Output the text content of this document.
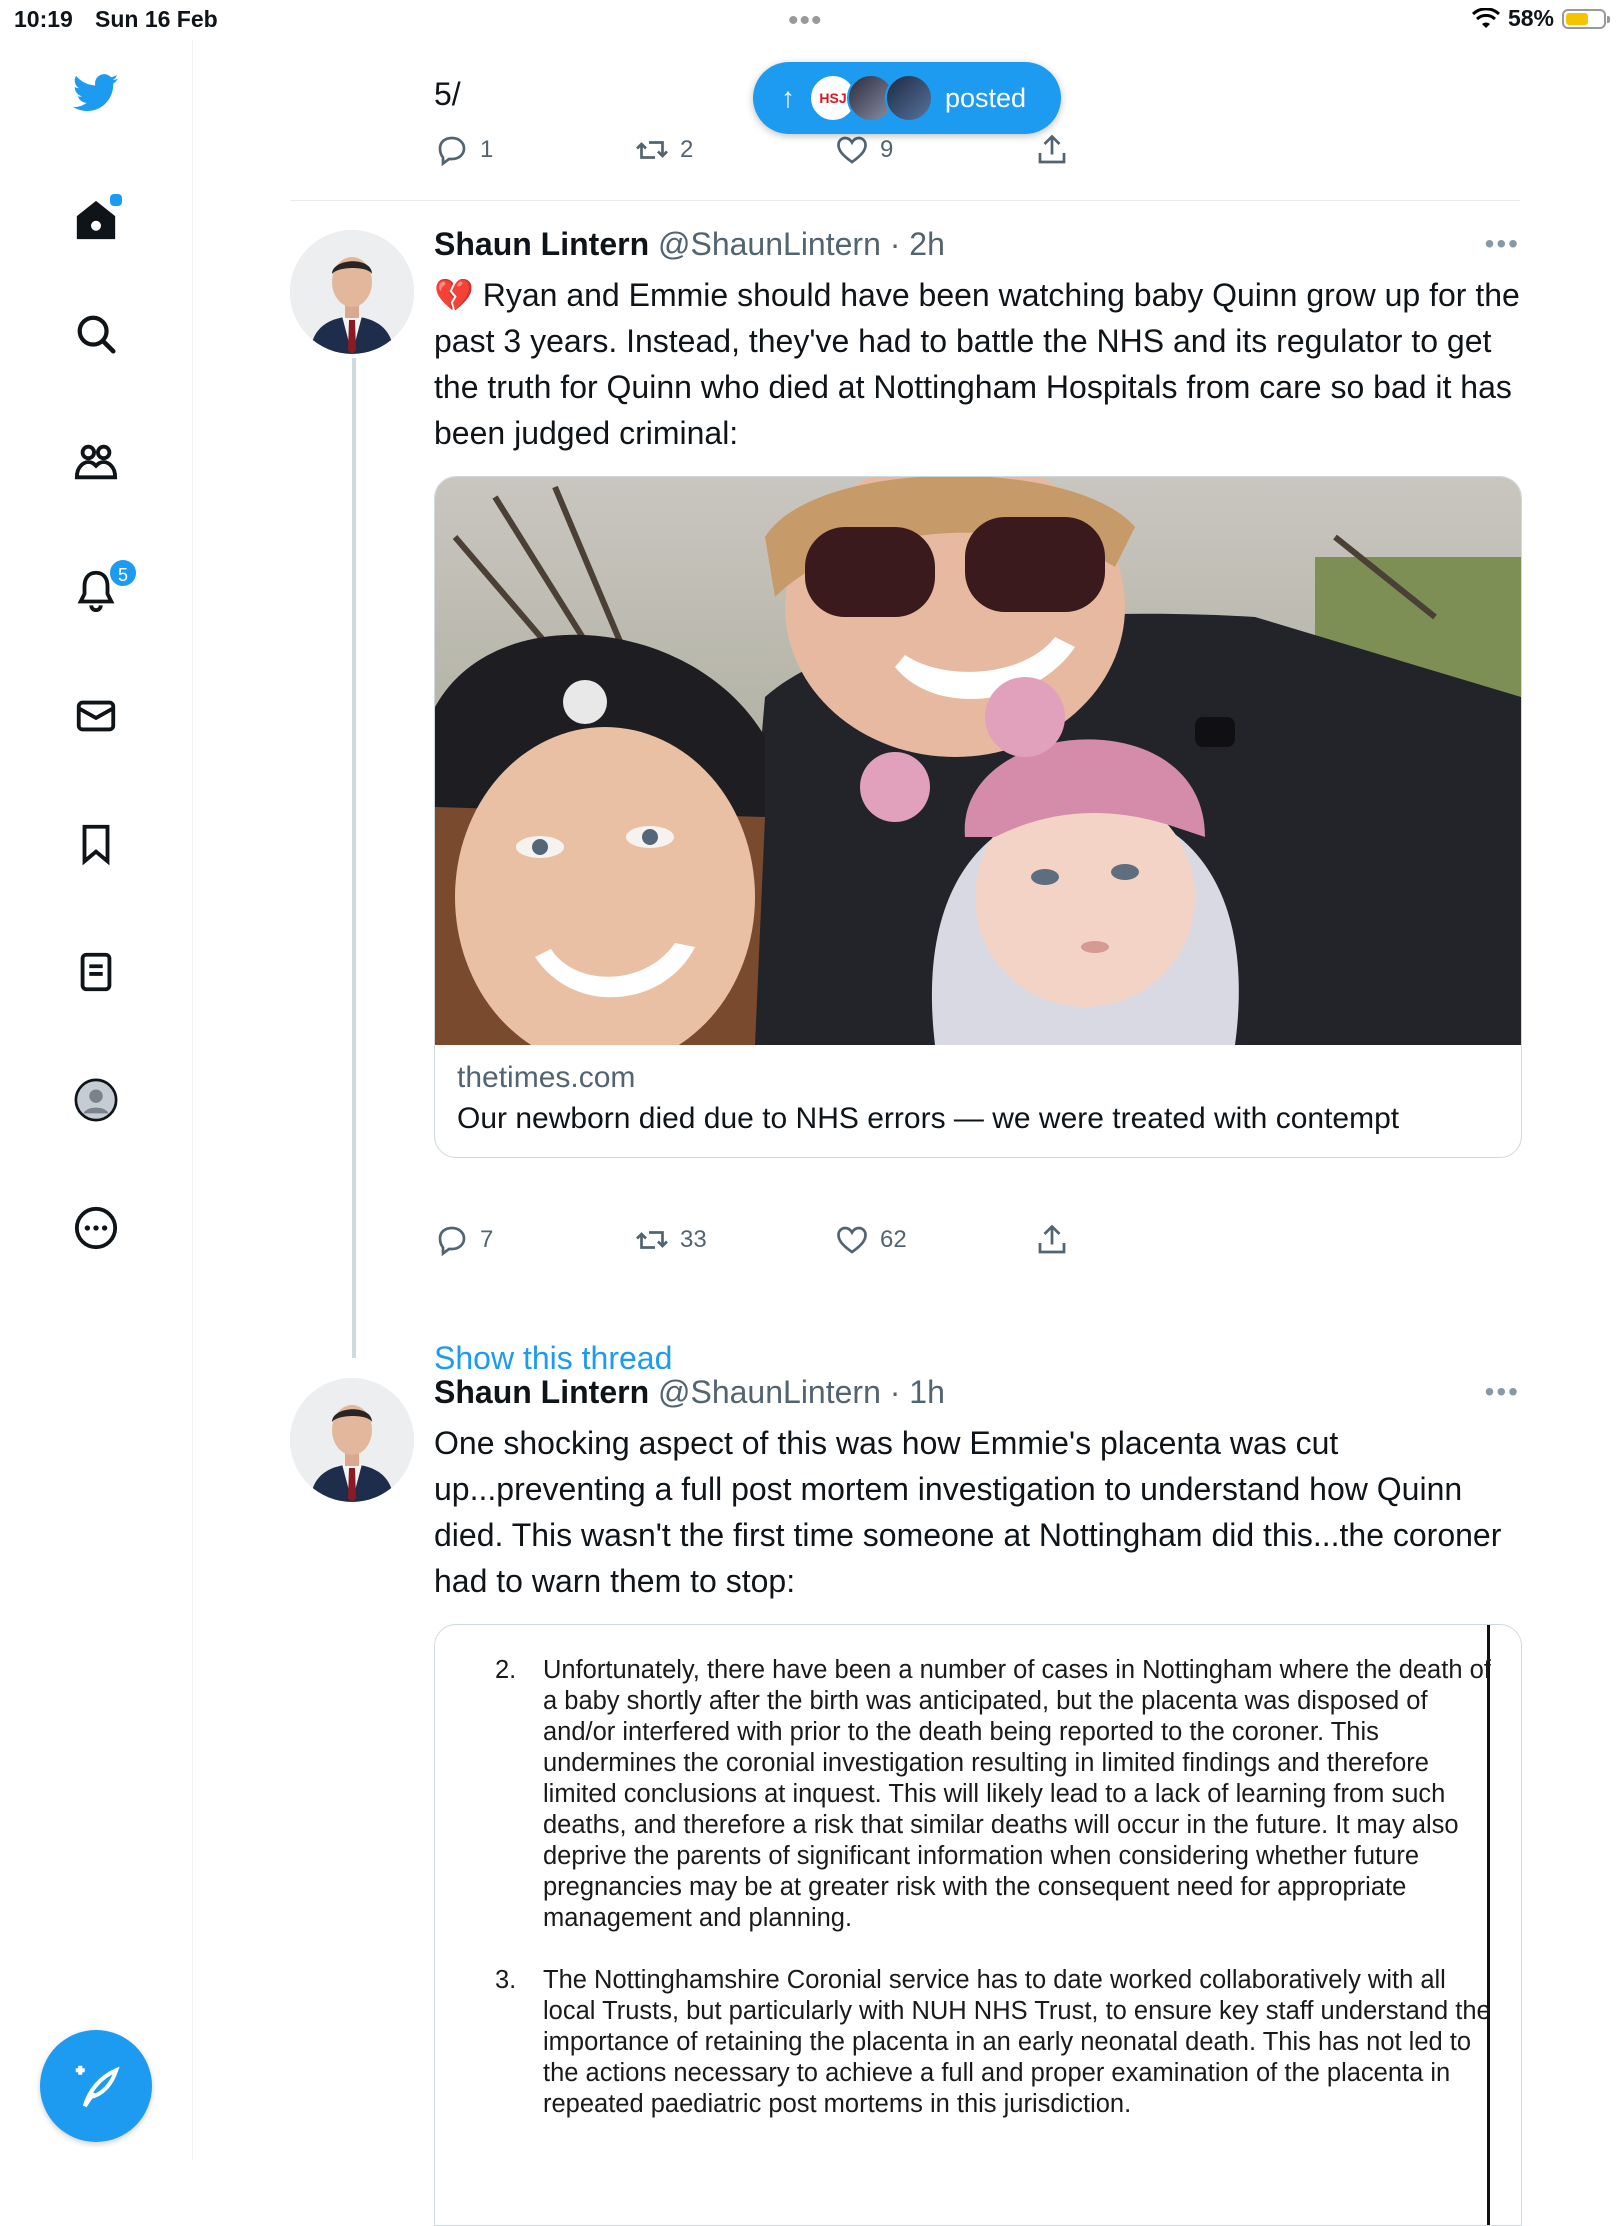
10:19 Sun 16 Feb	•••	58%
5
5/
1	2	9
↑	HSJ	posted
Shaun Lintern @ShaunLintern · 2h	•••
💔 Ryan and Emmie should have been watching baby Quinn grow up for the past 3 years. Instead, they've had to battle the NHS and its regulator to get the truth for Quinn who died at Nottingham Hospitals from care so bad it has been judged criminal:
thetimes.com
Our newborn died due to NHS errors — we were treated with contempt
7	33	62
Show this thread
Shaun Lintern @ShaunLintern · 1h	•••
One shocking aspect of this was how Emmie's placenta was cut up...preventing a full post mortem investigation to understand how Quinn died. This wasn't the first time someone at Nottingham did this...the coroner had to warn them to stop:
2. Unfortunately, there have been a number of cases in Nottingham where the death of a baby shortly after the birth was anticipated, but the placenta was disposed of and/or interfered with prior to the death being reported to the coroner. This undermines the coronial investigation resulting in limited findings and therefore limited conclusions at inquest. This will likely lead to a lack of learning from such deaths, and therefore a risk that similar deaths will occur in the future. It may also deprive the parents of significant information when considering whether future pregnancies may be at greater risk with the consequent need for appropriate management and planning.
3. The Nottinghamshire Coronial service has to date worked collaboratively with all local Trusts, but particularly with NUH NHS Trust, to ensure key staff understand the importance of retaining the placenta in an early neonatal death. This has not led to the actions necessary to achieve a full and proper examination of the placenta in repeated paediatric post mortems in this jurisdiction.
